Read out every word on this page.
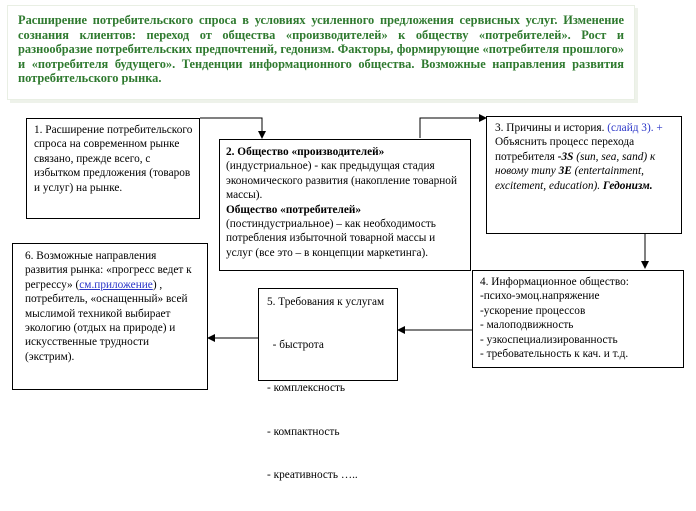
Расширение потребительского спроса в условиях усиленного предложения сервисных услуг. Изменение сознания клиентов: переход от общества «производителей» к обществу «потребителей». Рост и разнообразие потребительских предпочтений, гедонизм. Факторы, формирующие «потребителя прошлого» и «потребителя будущего». Тенденции информационного общества. Возможные направления развития потребительского рынка.

1. Расширение потребительского спроса на современном рынке связано, прежде всего, с избытком предложения (товаров и услуг) на рынке.

2. Общество «производителей»

(индустриальное) - как предыдущая стадия экономического развития (накопление товарной массы).

Общество «потребителей»

(постиндустриальное) – как необходимость потребления избыточной товарной массы и услуг (все это – в концепции маркетинга).

3. Причины и история. (слайд 3). + Объяснить процесс перехода потребителя -3S (sun, sea, sand) к новому типу 3E (entertainment, excitement, education). Гедонизм.

4. Информационное общество:

-психо-эмоц.напряжение
-ускорение процессов
- малоподвижность
- узкоспециализированность
- требовательность к кач. и т.д.

5. Требования к услугам

- быстрота

- комплексность

- компактность

- креативность …..

6. Возможные направления развития рынка: «прогресс ведет к регрессу» (см.приложение) , потребитель, «оснащенный» всей мыслимой техникой выбирает экологию (отдых на природе) и искусственные трудности (экстрим).
